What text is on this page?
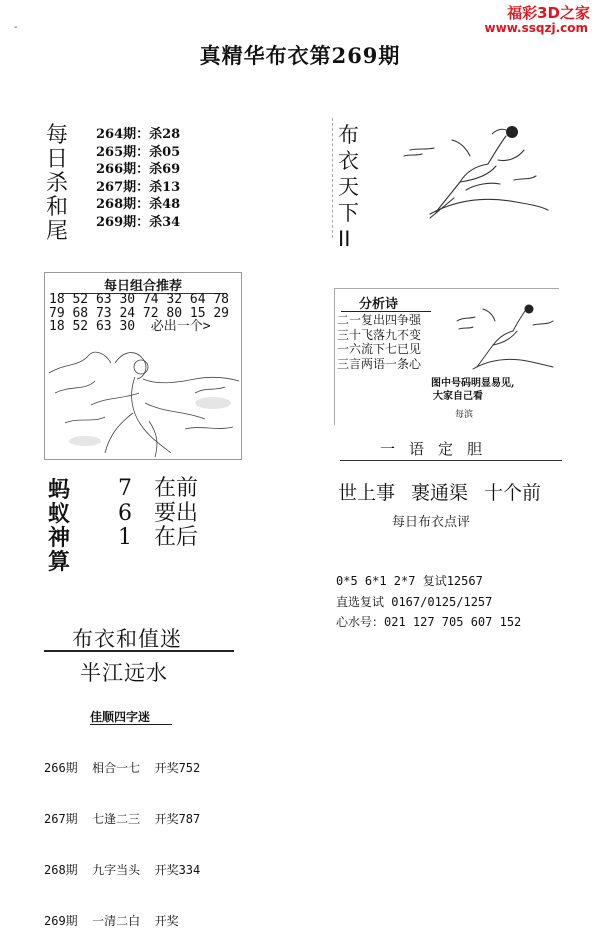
福彩3D之家
www.ssqzj.com
-
真精华布衣第269期
每
日
杀
和
尾
264期：杀28
265期：杀05
266期：杀69
267期：杀13
268期：杀48
269期：杀34
每日组合推荐
18 52 63 30 74 32 64 78
79 68 73 24 72 80 15 29
18 52 63 30  必出一个>
蚂
蚁
神
算
7 在前
6 要出
1 在后
布衣和值迷
半江远水
佳顺四字迷

266期  相合一七  开奖752

267期  七逢二三  开奖787

268期  九字当头  开奖334

269期  一清二白  开奖

布
衣
天
下
II
分析诗
二一复出四争强
三十飞落九不变
一六流下七已见
三言两语一条心
图中号码明显易见,
大家自己看
每滨
一语定胆
世上事 裹通渠 十个前
每日布衣点评
0*5 6*1 2*7 复试12567
直选复试 0167/0125/1257
心水号：021 127 705 607 152
